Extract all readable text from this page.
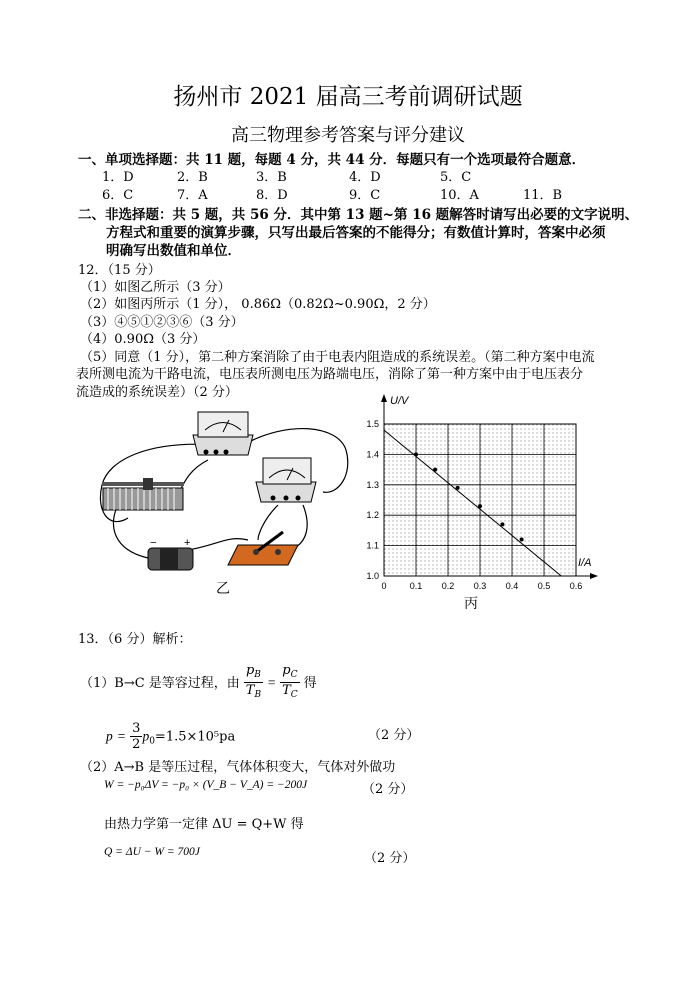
扬州市 2021 届高三考前调研试题
高三物理参考答案与评分建议
一、单项选择题：共 11 题，每题 4 分，共 44 分．每题只有一个选项最符合题意．
1．D	2．B	3．B	4．D	5．C
6．C	7．A	8．D	9．C	10．A	11．B
二、非选择题：共 5 题，共 56 分．其中第 13 题~第 16 题解答时请写出必要的文字说明、
方程式和重要的演算步骤，只写出最后答案的不能得分；有数值计算时，答案中必须
明确写出数值和单位．
12．（15 分）
（1）如图乙所示（3 分）
（2）如图丙所示（1 分）， 0.86Ω（0.82Ω~0.90Ω，2 分）
（3）④⑤①②③⑥（3 分）
（4）0.90Ω（3 分）
（5）同意（1 分），第二种方案消除了由于电表内阻造成的系统误差。（第二种方案中电流
表所测电流为干路电流，电压表所测电压为路端电压，消除了第一种方案中由于电压表分
流造成的系统误差）（2 分）
−	+
乙	0	0.1 0.2 0.3 0.4 0.5 0.6
1.0
1.1
1.2
1.3
1.4
1.5
U/V
I/A
丙
13．（6 分）解析：
（1）B→C 是等容过程，由 $\frac{p_B}{T_B} = \frac{p_C}{T_C}$ 得
$p = \frac{3}{2} p_0=1.5\times 10^5pa$	（2 分）
（2）A→B 是等压过程，气体体积变大，气体对外做功
W = −p₀ΔV = −p₀ × (V_B − V_A) = −200J	（2 分）
由热力学第一定律 ΔU = Q+W 得
Q = ΔU − W = 700J	（2 分）
